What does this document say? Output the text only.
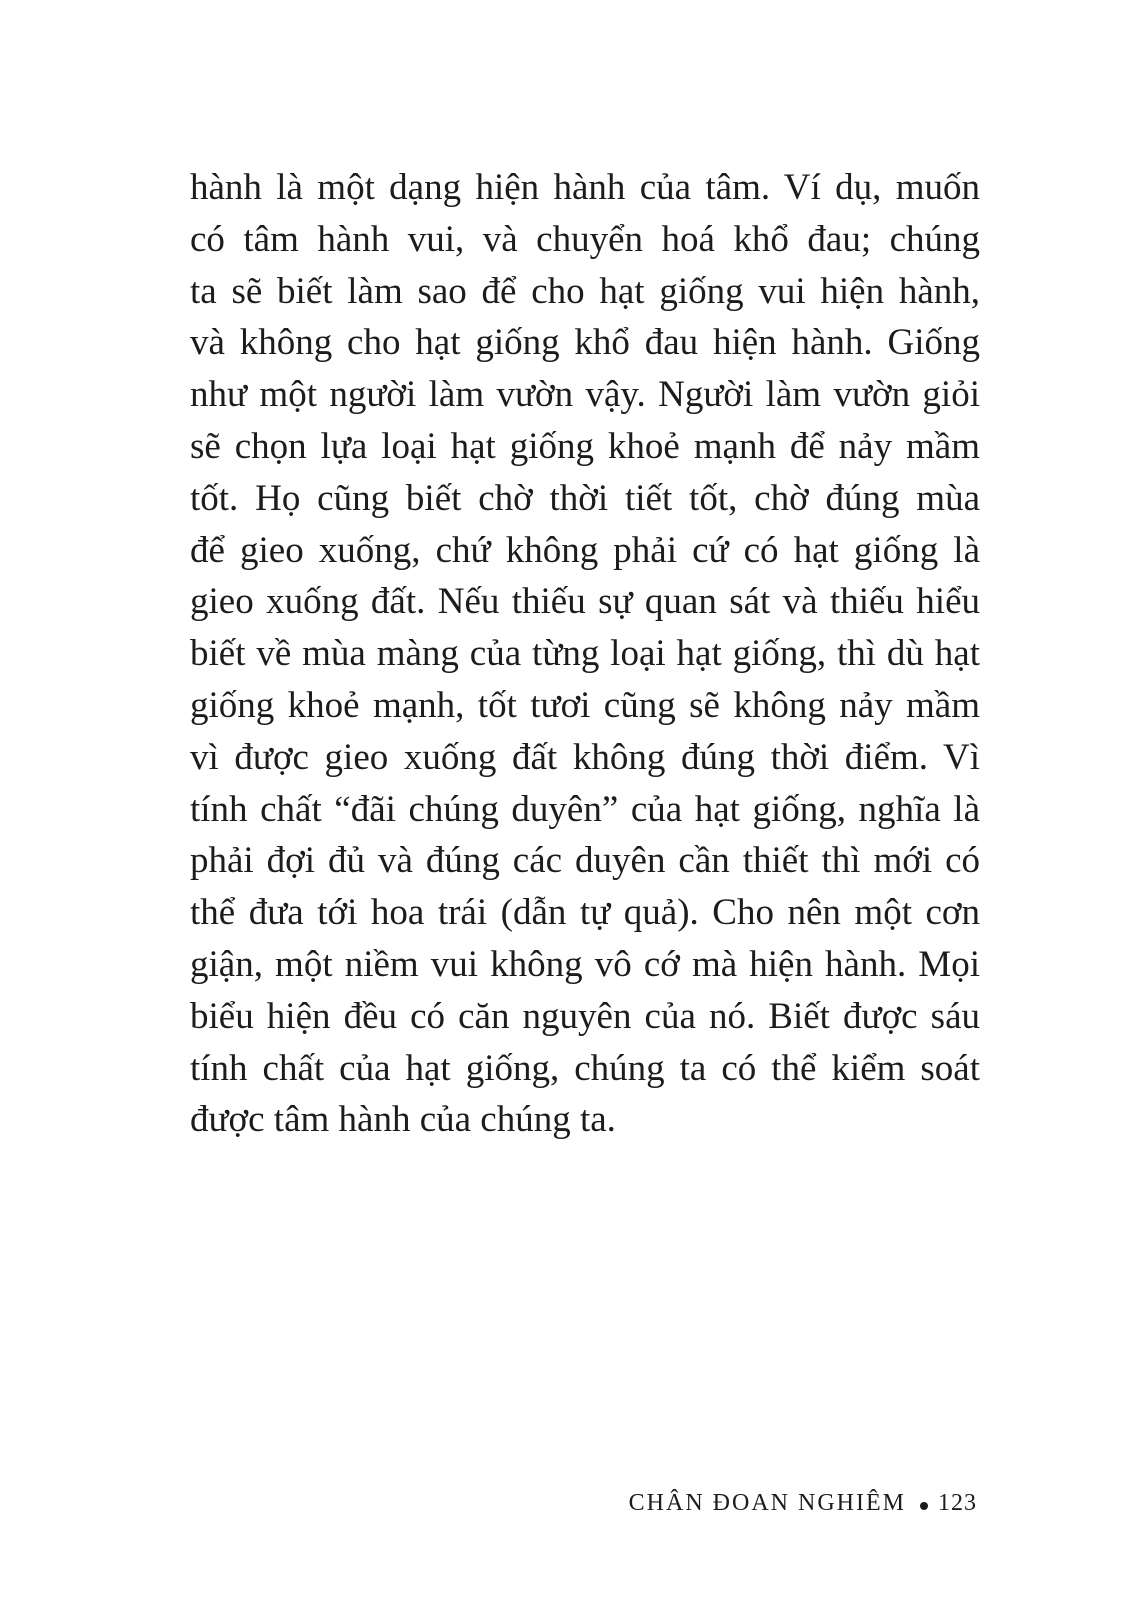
hành là một dạng hiện hành của tâm. Ví dụ, muốn
có tâm hành vui, và chuyển hoá khổ đau; chúng
ta sẽ biết làm sao để cho hạt giống vui hiện hành,
và không cho hạt giống khổ đau hiện hành. Giống
như một người làm vườn vậy. Người làm vườn giỏi
sẽ chọn lựa loại hạt giống khoẻ mạnh để nảy mầm
tốt. Họ cũng biết chờ thời tiết tốt, chờ đúng mùa
để gieo xuống, chứ không phải cứ có hạt giống là
gieo xuống đất. Nếu thiếu sự quan sát và thiếu hiểu
biết về mùa màng của từng loại hạt giống, thì dù hạt
giống khoẻ mạnh, tốt tươi cũng sẽ không nảy mầm
vì được gieo xuống đất không đúng thời điểm. Vì
tính chất “đãi chúng duyên” của hạt giống, nghĩa là
phải đợi đủ và đúng các duyên cần thiết thì mới có
thể đưa tới hoa trái (dẫn tự quả). Cho nên một cơn
giận, một niềm vui không vô cớ mà hiện hành. Mọi
biểu hiện đều có căn nguyên của nó. Biết được sáu
tính chất của hạt giống, chúng ta có thể kiểm soát
được tâm hành của chúng ta.
CHÂN ĐOAN NGHIÊM 123
